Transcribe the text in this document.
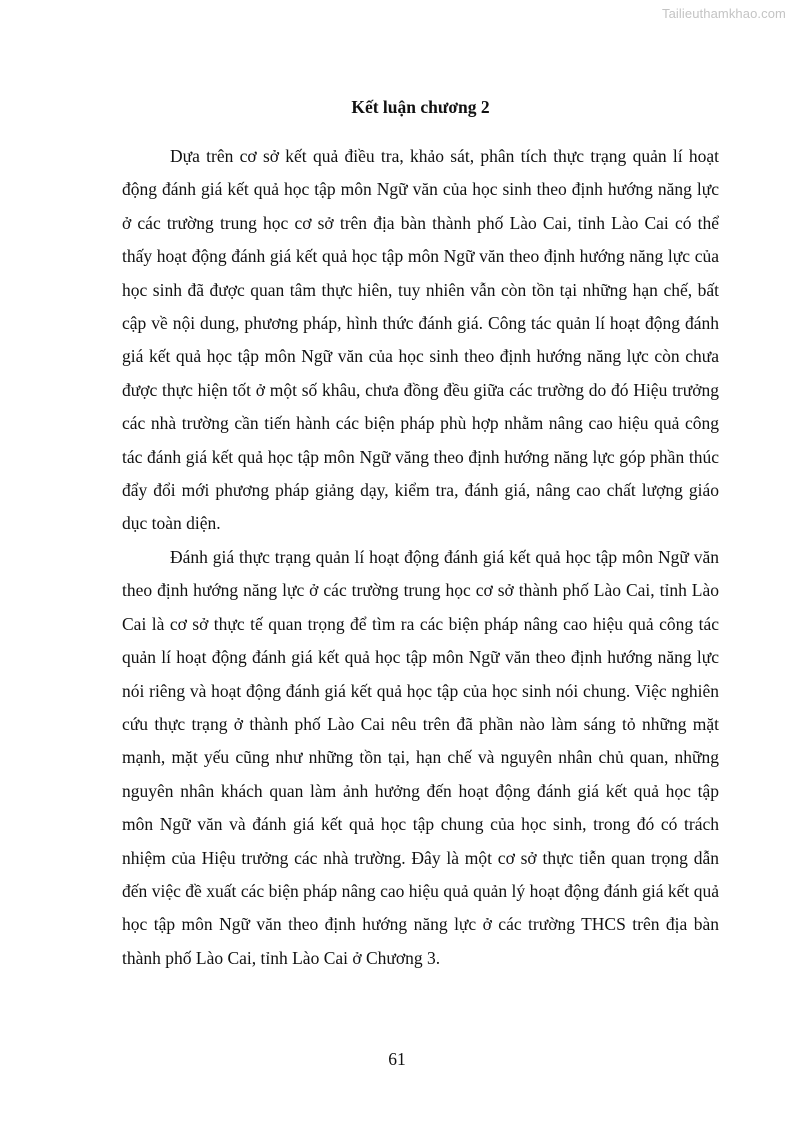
Tailieuthamkhao.com
Kết luận chương 2

Dựa trên cơ sở kết quả điều tra, khảo sát, phân tích thực trạng quản lí hoạt động đánh giá kết quả học tập môn Ngữ văn của học sinh theo định hướng năng lực ở các trường trung học cơ sở trên địa bàn thành phố Lào Cai, tỉnh Lào Cai có thể thấy hoạt động đánh giá kết quả học tập môn Ngữ văn theo định hướng năng lực của học sinh đã được quan tâm thực hiên, tuy nhiên vẫn còn tồn tại những hạn chế, bất cập về nội dung, phương pháp, hình thức đánh giá. Công tác quản lí hoạt động đánh giá kết quả học tập môn Ngữ văn của học sinh theo định hướng năng lực còn chưa được thực hiện tốt ở một số khâu, chưa đồng đều giữa các trường do đó Hiệu trưởng các nhà trường cần tiến hành các biện pháp phù hợp nhằm nâng cao hiệu quả công tác đánh giá kết quả học tập môn Ngữ văng theo định hướng năng lực góp phần thúc đẩy đổi mới phương pháp giảng dạy, kiểm tra, đánh giá, nâng cao chất lượng giáo dục toàn diện.

Đánh giá thực trạng quản lí hoạt động đánh giá kết quả học tập môn Ngữ văn theo định hướng năng lực ở các trường trung học cơ sở thành phố Lào Cai, tỉnh Lào Cai là cơ sở thực tế quan trọng để tìm ra các biện pháp nâng cao hiệu quả công tác quản lí hoạt động đánh giá kết quả học tập môn Ngữ văn theo định hướng năng lực nói riêng và hoạt động đánh giá kết quả học tập của học sinh nói chung. Việc nghiên cứu thực trạng ở thành phố Lào Cai nêu trên đã phần nào làm sáng tỏ những mặt mạnh, mặt yếu cũng như những tồn tại, hạn chế và nguyên nhân chủ quan, những nguyên nhân khách quan làm ảnh hưởng đến hoạt động đánh giá kết quả học tập môn Ngữ văn và đánh giá kết quả học tập chung của học sinh, trong đó có trách nhiệm của Hiệu trưởng các nhà trường. Đây là một cơ sở thực tiễn quan trọng dẫn đến việc đề xuất các biện pháp nâng cao hiệu quả quản lý hoạt động đánh giá kết quả học tập môn Ngữ văn theo định hướng năng lực ở các trường THCS trên địa bàn thành phố Lào Cai, tỉnh Lào Cai ở Chương 3.

61
